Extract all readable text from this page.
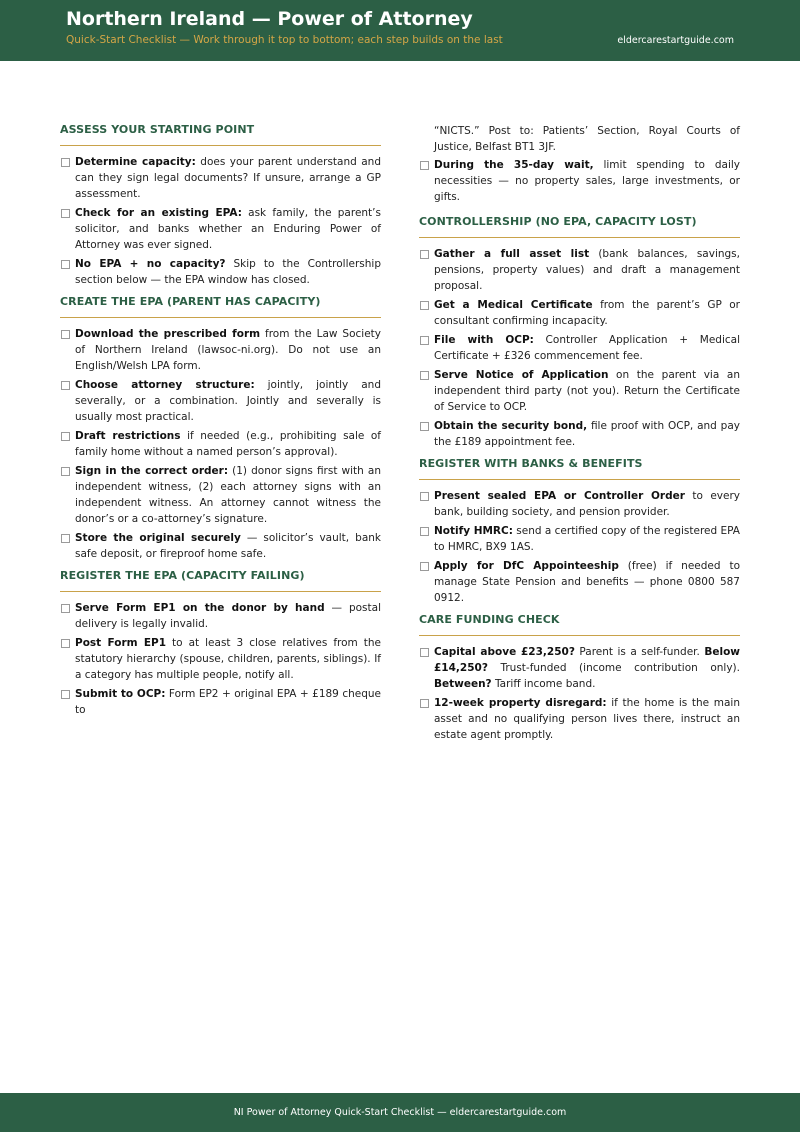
Northern Ireland — Power of Attorney
Quick-Start Checklist — Work through it top to bottom; each step builds on the last	eldercarestartguide.com
ASSESS YOUR STARTING POINT
Determine capacity: does your parent understand and can they sign legal documents? If unsure, arrange a GP assessment.
Check for an existing EPA: ask family, the parent’s solicitor, and banks whether an Enduring Power of Attorney was ever signed.
No EPA + no capacity? Skip to the Controllership section below — the EPA window has closed.
CREATE THE EPA (PARENT HAS CAPACITY)
Download the prescribed form from the Law Society of Northern Ireland (lawsoc-ni.org). Do not use an English/Welsh LPA form.
Choose attorney structure: jointly, jointly and severally, or a combination. Jointly and severally is usually most practical.
Draft restrictions if needed (e.g., prohibiting sale of family home without a named person’s approval).
Sign in the correct order: (1) donor signs first with an independent witness, (2) each attorney signs with an independent witness. An attorney cannot witness the donor’s or a co-attorney’s signature.
Store the original securely — solicitor’s vault, bank safe deposit, or fireproof home safe.
REGISTER THE EPA (CAPACITY FAILING)
Serve Form EP1 on the donor by hand — postal delivery is legally invalid.
Post Form EP1 to at least 3 close relatives from the statutory hierarchy (spouse, children, parents, siblings). If a category has multiple people, notify all.
Submit to OCP: Form EP2 + original EPA + £189 cheque to
“NICTS.” Post to: Patients’ Section, Royal Courts of Justice, Belfast BT1 3JF.
During the 35-day wait, limit spending to daily necessities — no property sales, large investments, or gifts.
CONTROLLERSHIP (NO EPA, CAPACITY LOST)
Gather a full asset list (bank balances, savings, pensions, property values) and draft a management proposal.
Get a Medical Certificate from the parent’s GP or consultant confirming incapacity.
File with OCP: Controller Application + Medical Certificate + £326 commencement fee.
Serve Notice of Application on the parent via an independent third party (not you). Return the Certificate of Service to OCP.
Obtain the security bond, file proof with OCP, and pay the £189 appointment fee.
REGISTER WITH BANKS & BENEFITS
Present sealed EPA or Controller Order to every bank, building society, and pension provider.
Notify HMRC: send a certified copy of the registered EPA to HMRC, BX9 1AS.
Apply for DfC Appointeeship (free) if needed to manage State Pension and benefits — phone 0800 587 0912.
CARE FUNDING CHECK
Capital above £23,250? Parent is a self-funder. Below £14,250? Trust-funded (income contribution only). Between? Tariff income band.
12-week property disregard: if the home is the main asset and no qualifying person lives there, instruct an estate agent promptly.
NI Power of Attorney Quick-Start Checklist — eldercarestartguide.com
